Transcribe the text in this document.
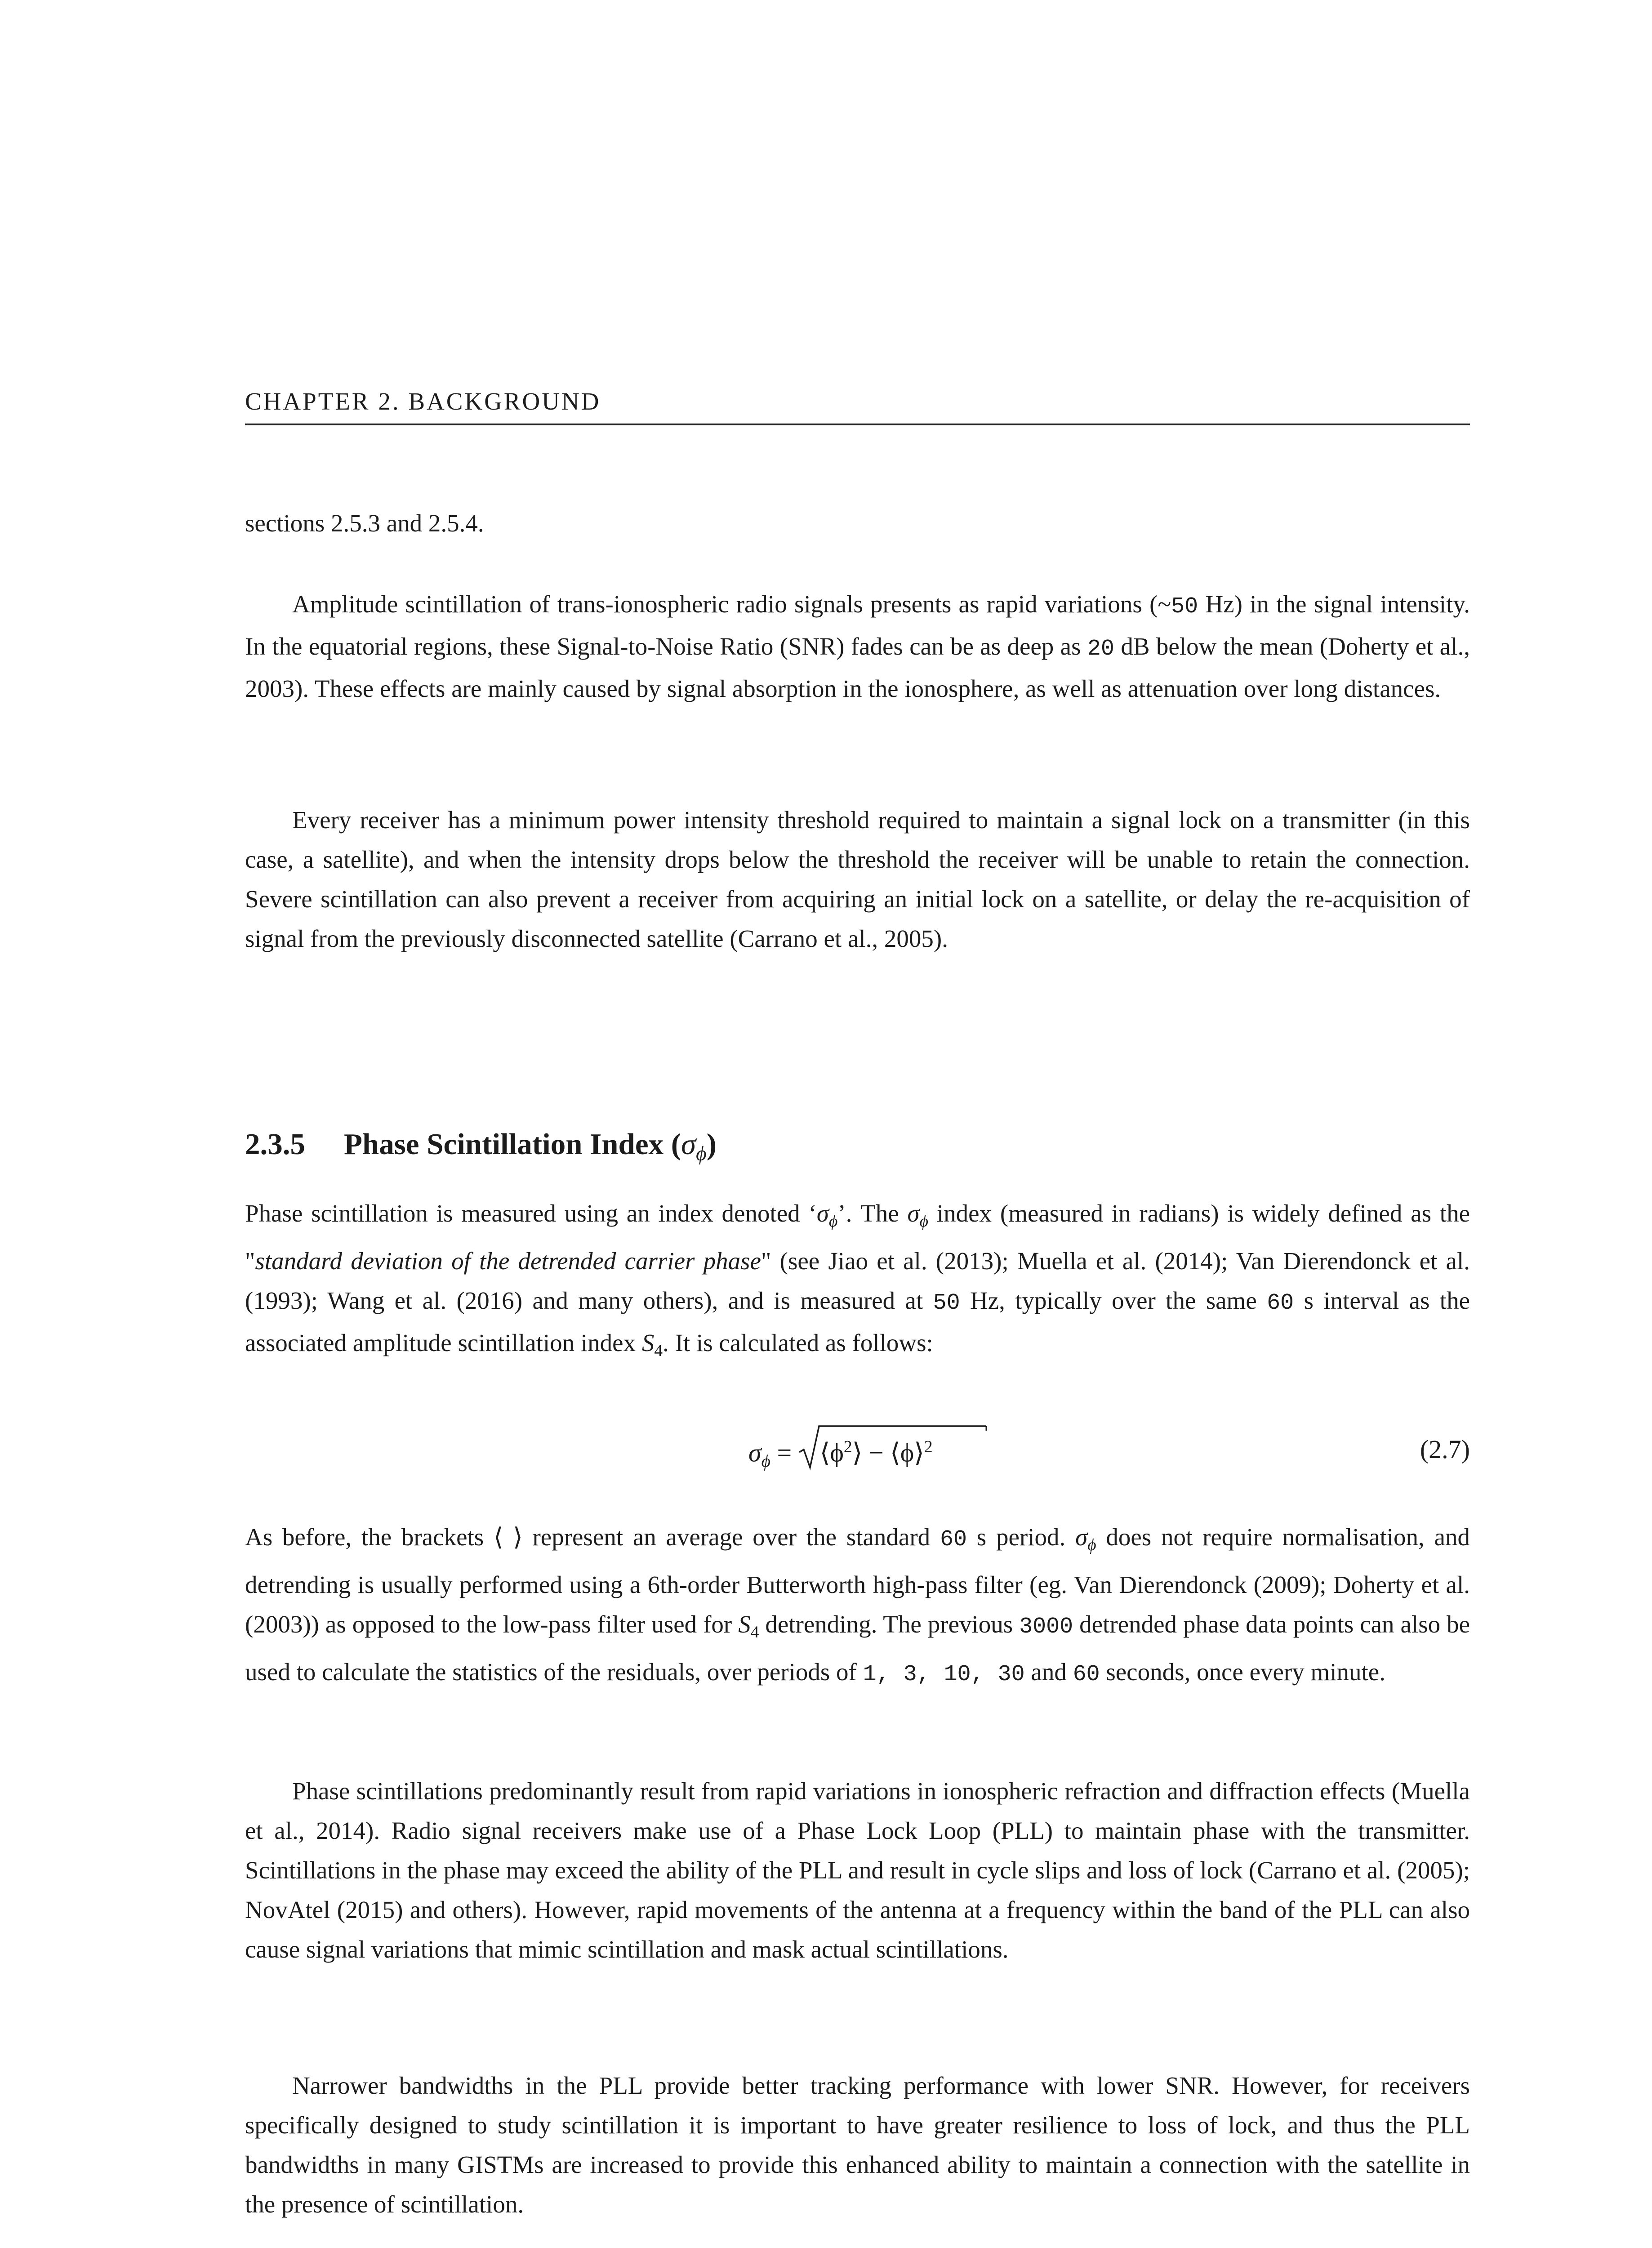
CHAPTER 2. BACKGROUND

sections 2.5.3 and 2.5.4.

Amplitude scintillation of trans-ionospheric radio signals presents as rapid variations (~50 Hz) in the signal intensity. In the equatorial regions, these Signal-to-Noise Ratio (SNR) fades can be as deep as 20 dB below the mean (Doherty et al., 2003). These effects are mainly caused by signal absorption in the ionosphere, as well as attenuation over long distances.

Every receiver has a minimum power intensity threshold required to maintain a signal lock on a transmitter (in this case, a satellite), and when the intensity drops below the threshold the receiver will be unable to retain the connection. Severe scintillation can also prevent a receiver from acquiring an initial lock on a satellite, or delay the re-acquisition of signal from the previously disconnected satellite (Carrano et al., 2005).

2.3.5 Phase Scintillation Index $(\sigma_\phi)$

Phase scintillation is measured using an index denoted ‘$\sigma_\phi$’. The $\sigma_\phi$ index (measured in radians) is widely defined as the "standard deviation of the detrended carrier phase" (see Jiao et al. (2013); Muella et al. (2014); Van Dierendonck et al. (1993); Wang et al. (2016) and many others), and is measured at 50 Hz, typically over the same 60 s interval as the associated amplitude scintillation index $S_4$. It is calculated as follows:

$\sigma_\phi$ =
$⟨\phi^2⟩$ − ⟨ϕ⟩$^2$	(2.7)

As before, the brackets ⟨ ⟩ represent an average over the standard 60 s period. $\sigma_\phi$ does not require normalisation, and detrending is usually performed using a 6th-order Butterworth high-pass filter (eg. Van Dierendonck (2009); Doherty et al. (2003)) as opposed to the low-pass filter used for $S_4$ detrending. The previous 3000 detrended phase data points can also be used to calculate the statistics of the residuals, over periods of 1, 3, 10, 30 and 60 seconds, once every minute.

Phase scintillations predominantly result from rapid variations in ionospheric refraction and diffraction effects (Muella et al., 2014). Radio signal receivers make use of a Phase Lock Loop (PLL) to maintain phase with the transmitter. Scintillations in the phase may exceed the ability of the PLL and result in cycle slips and loss of lock (Carrano et al. (2005); NovAtel (2015) and others). However, rapid movements of the antenna at a frequency within the band of the PLL can also cause signal variations that mimic scintillation and mask actual scintillations.

Narrower bandwidths in the PLL provide better tracking performance with lower SNR. However, for receivers specifically designed to study scintillation it is important to have greater resilience to loss of lock, and thus the PLL bandwidths in many GISTMs are increased to provide this enhanced ability to maintain a connection with the satellite in the presence of scintillation.
